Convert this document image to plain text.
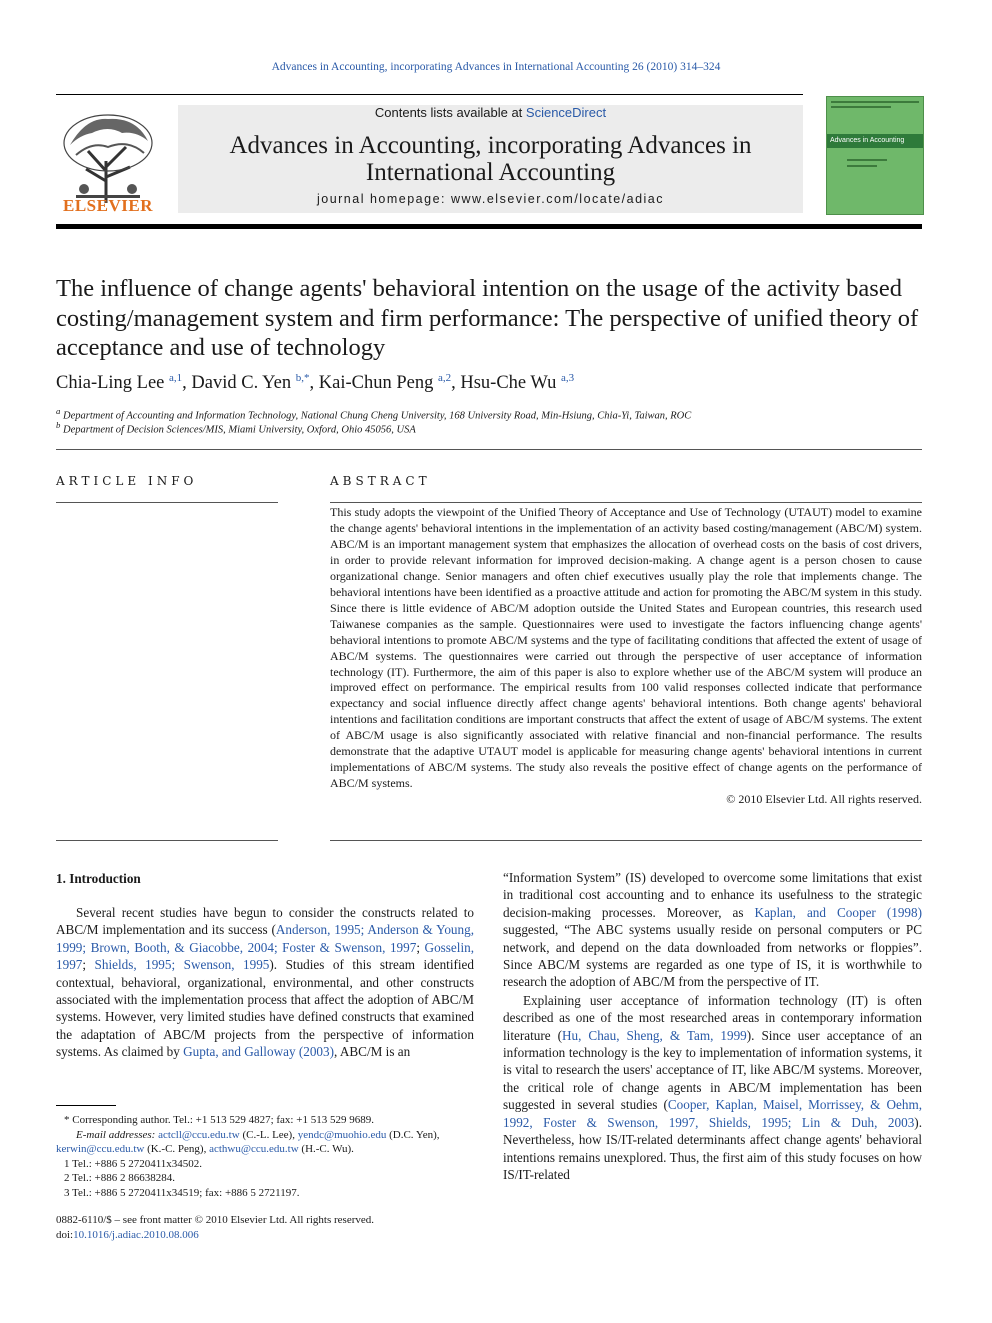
Advances in Accounting, incorporating Advances in International Accounting 26 (2010) 314–324
ELSEVIER
Contents lists available at ScienceDirect
Advances in Accounting, incorporating Advances in
International Accounting
journal homepage: www.elsevier.com/locate/adiac
Advances in Accounting
The influence of change agents' behavioral intention on the usage of the activity based costing/management system and firm performance: The perspective of unified theory of acceptance and use of technology
Chia-Ling Lee $^{a,1}$, David C. Yen $^{b,*}$, Kai-Chun Peng $^{a,2}$, Hsu-Che Wu $^{a,3}$
$^a$ Department of Accounting and Information Technology, National Chung Cheng University, 168 University Road, Min-Hsiung, Chia-Yi, Taiwan, ROC
$^b$ Department of Decision Sciences/MIS, Miami University, Oxford, Ohio 45056, USA
ARTICLE INFO	ABSTRACT
This study adopts the viewpoint of the Unified Theory of Acceptance and Use of Technology (UTAUT) model to examine the change agents' behavioral intentions in the implementation of an activity based costing/management (ABC/M) system. ABC/M is an important management system that emphasizes the allocation of overhead costs on the basis of cost drivers, in order to provide relevant information for improved decision-making. A change agent is a person chosen to cause organizational change. Senior managers and often chief executives usually play the role that implements change. The behavioral intentions have been identified as a proactive attitude and action for promoting the ABC/M system in this study. Since there is little evidence of ABC/M adoption outside the United States and European countries, this research used Taiwanese companies as the sample. Questionnaires were used to investigate the factors influencing change agents' behavioral intentions to promote ABC/M systems and the type of facilitating conditions that affected the extent of usage of ABC/M systems. The questionnaires were carried out through the perspective of user acceptance of information technology (IT). Furthermore, the aim of this paper is also to explore whether use of the ABC/M system will produce an improved effect on performance. The empirical results from 100 valid responses collected indicate that performance expectancy and social influence directly affect change agents' behavioral intentions. Both change agents' behavioral intentions and facilitation conditions are important constructs that affect the extent of usage of ABC/M systems. The extent of ABC/M usage is also significantly associated with relative financial and non-financial performance. The results demonstrate that the adaptive UTAUT model is applicable for measuring change agents' behavioral intentions in current implementations of ABC/M systems. The study also reveals the positive effect of change agents on the performance of ABC/M systems.
© 2010 Elsevier Ltd. All rights reserved.
1. Introduction

Several recent studies have begun to consider the constructs related to ABC/M implementation and its success (Anderson, 1995; Anderson & Young, 1999; Brown, Booth, & Giacobbe, 2004; Foster & Swenson, 1997; Gosselin, 1997; Shields, 1995; Swenson, 1995). Studies of this stream identified contextual, behavioral, organizational, environmental, and other constructs associated with the implementation process that affect the adoption of ABC/M systems. However, very limited studies have defined constructs that examined the adaptation of ABC/M projects from the perspective of information systems. As claimed by Gupta, and Galloway (2003), ABC/M is an

“Information System” (IS) developed to overcome some limitations that exist in traditional cost accounting and to enhance its usefulness to the strategic decision-making processes. Moreover, as Kaplan, and Cooper (1998) suggested, “The ABC systems usually reside on personal computers or PC network, and depend on the data downloaded from networks or floppies”. Since ABC/M systems are regarded as one type of IS, it is worthwhile to research the adoption of ABC/M from the perspective of IT.

Explaining user acceptance of information technology (IT) is often described as one of the most researched areas in contemporary information literature (Hu, Chau, Sheng, & Tam, 1999). Since user acceptance of an information technology is the key to implementation of information systems, it is vital to research the users' acceptance of IT, like ABC/M systems. Moreover, the critical role of change agents in ABC/M implementation has been suggested in several studies (Cooper, Kaplan, Maisel, Morrissey, & Oehm, 1992, Foster & Swenson, 1997, Shields, 1995; Lin & Duh, 2003). Nevertheless, how IS/IT-related determinants affect change agents' behavioral intentions remains unexplored. Thus, the first aim of this study focuses on how IS/IT-related

* Corresponding author. Tel.: +1 513 529 4827; fax: +1 513 529 9689.
E-mail addresses: actcll@ccu.edu.tw (C.-L. Lee), yendc@muohio.edu (D.C. Yen),
kerwin@ccu.edu.tw (K.-C. Peng), acthwu@ccu.edu.tw (H.-C. Wu).
1 Tel.: +886 5 2720411x34502.
2 Tel.: +886 2 86638284.
3 Tel.: +886 5 2720411x34519; fax: +886 5 2721197.
0882-6110/$ – see front matter © 2010 Elsevier Ltd. All rights reserved.
doi:10.1016/j.adiac.2010.08.006
